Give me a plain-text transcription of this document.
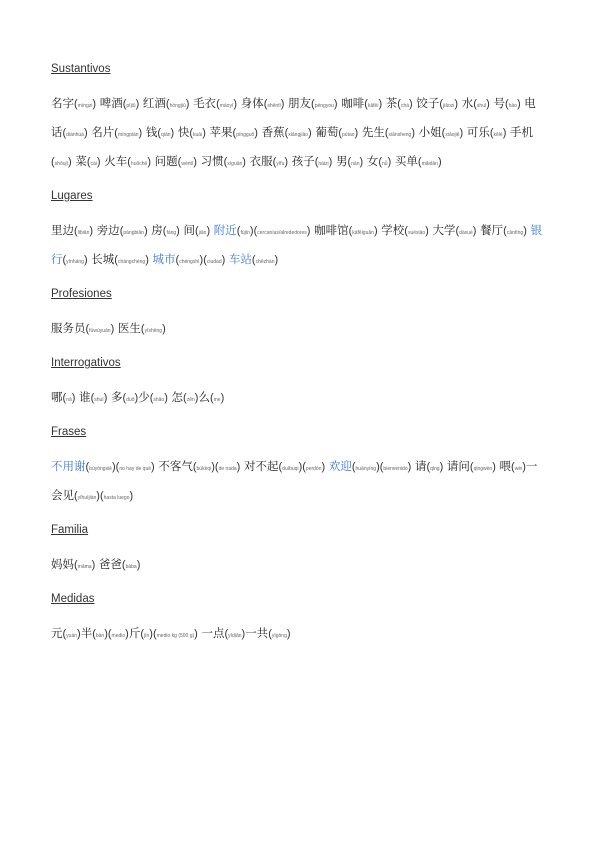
Sustantivos
名字(míngzi) 啤酒(píjiǔ) 红酒(hóngjiǔ) 毛衣(máoyī) 身体(shēntǐ) 朋友(péngyou) 咖啡(kāfēi) 茶(chá) 饺子(jiǎozi) 水(shuǐ) 号(hào) 电话(diànhuà) 名片(míngpiàn) 钱(qián) 快(kuài) 苹果(píngguǒ) 香蕉(xiāngjiāo) 葡萄(pútao) 先生(xiānsheng) 小姐(xiǎojiě) 可乐(kělè) 手机(shǒujī) 菜(cài) 火车(huǒchē) 问题(wèntí) 习惯(xíguàn) 衣服(yīfu) 孩子(háizi) 男(nán) 女(nǚ) 买单(mǎidān)
Lugares
里边(lǐbiān) 旁边(pángbiān) 房(fáng) 间(jiān) 附近(fùjìn)(cercanías/alrededores) 咖啡馆(kāfēiguǎn) 学校(xuéxiào) 大学(dàxué) 餐厅(cāntīng) 银行(yínháng) 长城(chángchéng) 城市(chéngshì)(ciudad) 车站(chēzhàn)
Profesiones
服务员(fúwùyuán) 医生(yīshēng)
Interrogativos
哪(nǎ) 谁(shuí) 多(duō)少(shǎo) 怎(zěn)么(me)
Frases
不用谢(búyòngxiè)(no hay de qué) 不客气(búkèqi)(de nada) 对不起(duìbuqi)(perdón) 欢迎(huānyíng)(bienvenido) 请(qǐng) 请问(qǐngwèn) 喂(wèi)一会见(yīhuìjiàn)(hasta luego)
Familia
妈妈(māma) 爸爸(bàba)
Medidas
元(yuán)半(bàn)(medio)斤(jīn)(medio kg (500 g)) 一点(yīdiǎn)一共(yīgòng)
